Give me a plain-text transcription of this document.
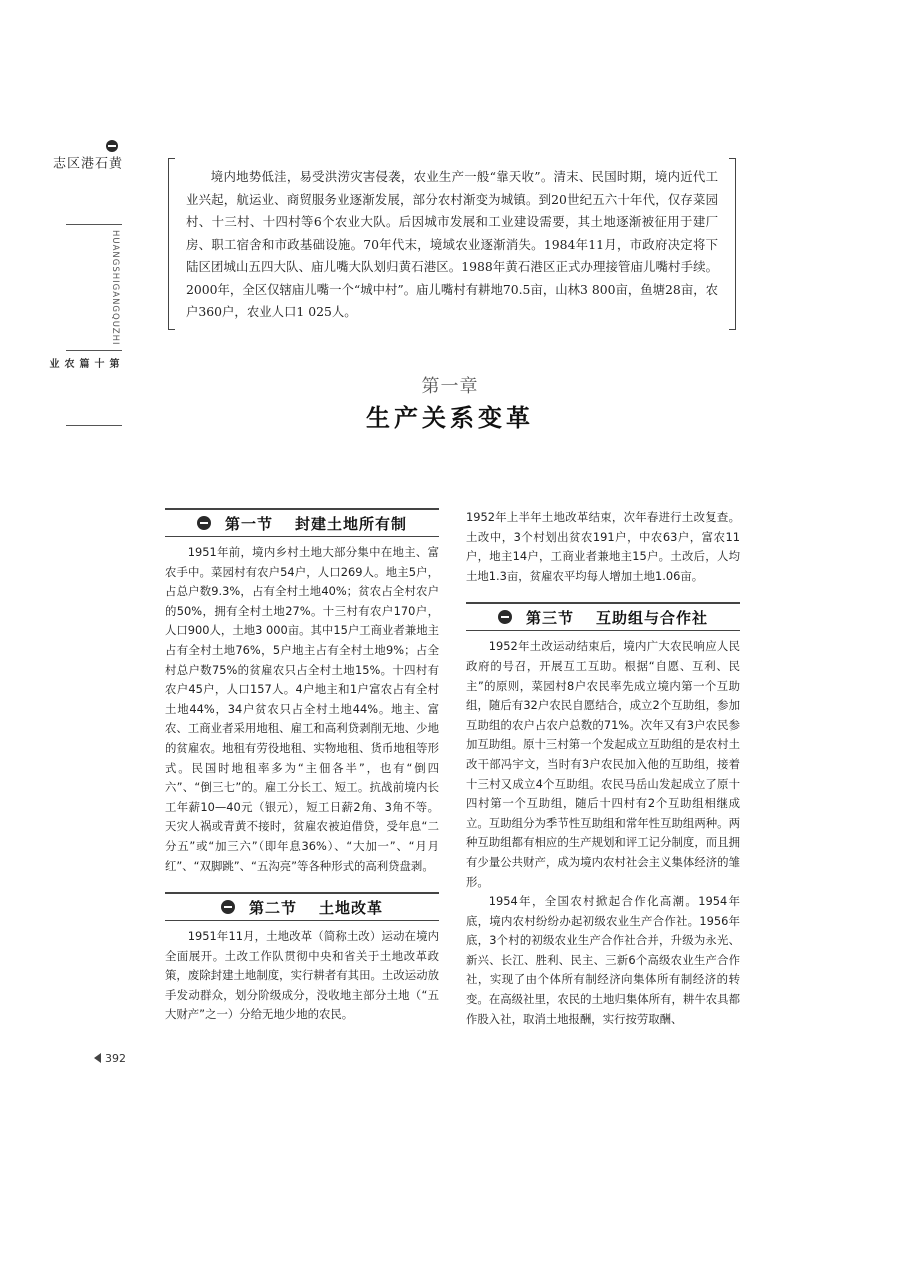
黄石港区志
HUANGSHIGANGQUZHI
第十篇 农业

境内地势低洼，易受洪涝灾害侵袭，农业生产一般“靠天收”。清末、民国时期，境内近代工业兴起，航运业、商贸服务业逐渐发展，部分农村渐变为城镇。到20世纪五六十年代，仅存菜园村、十三村、十四村等6个农业大队。后因城市发展和工业建设需要，其土地逐渐被征用于建厂房、职工宿舍和市政基础设施。70年代末，境域农业逐渐消失。1984年11月，市政府决定将下陆区团城山五四大队、庙儿嘴大队划归黄石港区。1988年黄石港区正式办理接管庙儿嘴村手续。2000年，全区仅辖庙儿嘴一个“城中村”。庙儿嘴村有耕地70.5亩，山林3 800亩，鱼塘28亩，农户360户，农业人口1 025人。

第一章
生产关系变革
第一节 封建土地所有制

1951年前，境内乡村土地大部分集中在地主、富农手中。菜园村有农户54户，人口269人。地主5户，占总户数9.3%，占有全村土地40%；贫农占全村农户的50%，拥有全村土地27%。十三村有农户170户，人口900人，土地3 000亩。其中15户工商业者兼地主占有全村土地76%，5户地主占有全村土地9%；占全村总户数75%的贫雇农只占全村土地15%。十四村有农户45户，人口157人。4户地主和1户富农占有全村土地44%，34户贫农只占全村土地44%。地主、富农、工商业者采用地租、雇工和高利贷剥削无地、少地的贫雇农。地租有劳役地租、实物地租、货币地租等形式。民国时地租率多为“主佃各半”，也有“倒四六”、“倒三七”的。雇工分长工、短工。抗战前境内长工年薪10—40元（银元），短工日薪2角、3角不等。天灾人祸或青黄不接时，贫雇农被迫借贷，受年息“二分五”或“加三六”（即年息36%）、“大加一”、“月月红”、“双脚跳”、“五沟亮”等各种形式的高利贷盘剥。

第二节 土地改革

1951年11月，土地改革（简称土改）运动在境内全面展开。土改工作队贯彻中央和省关于土地改革政策，废除封建土地制度，实行耕者有其田。土改运动放手发动群众，划分阶级成分，没收地主部分土地（“五大财产”之一）分给无地少地的农民。

1952年上半年土地改革结束，次年春进行土改复查。土改中，3个村划出贫农191户，中农63户，富农11户，地主14户，工商业者兼地主15户。土改后，人均土地1.3亩，贫雇农平均每人增加土地1.06亩。

第三节 互助组与合作社

1952年土改运动结束后，境内广大农民响应人民政府的号召，开展互工互助。根据“自愿、互利、民主”的原则，菜园村8户农民率先成立境内第一个互助组，随后有32户农民自愿结合，成立2个互助组，参加互助组的农户占农户总数的71%。次年又有3户农民参加互助组。原十三村第一个发起成立互助组的是农村土改干部冯宇文，当时有3户农民加入他的互助组，接着十三村又成立4个互助组。农民马岳山发起成立了原十四村第一个互助组，随后十四村有2个互助组相继成立。互助组分为季节性互助组和常年性互助组两种。两种互助组都有相应的生产规划和评工记分制度，而且拥有少量公共财产，成为境内农村社会主义集体经济的雏形。

1954年，全国农村掀起合作化高潮。1954年底，境内农村纷纷办起初级农业生产合作社。1956年底，3个村的初级农业生产合作社合并，升级为永光、新兴、长江、胜利、民主、三新6个高级农业生产合作社，实现了由个体所有制经济向集体所有制经济的转变。在高级社里，农民的土地归集体所有，耕牛农具都作股入社，取消土地报酬，实行按劳取酬、

392
